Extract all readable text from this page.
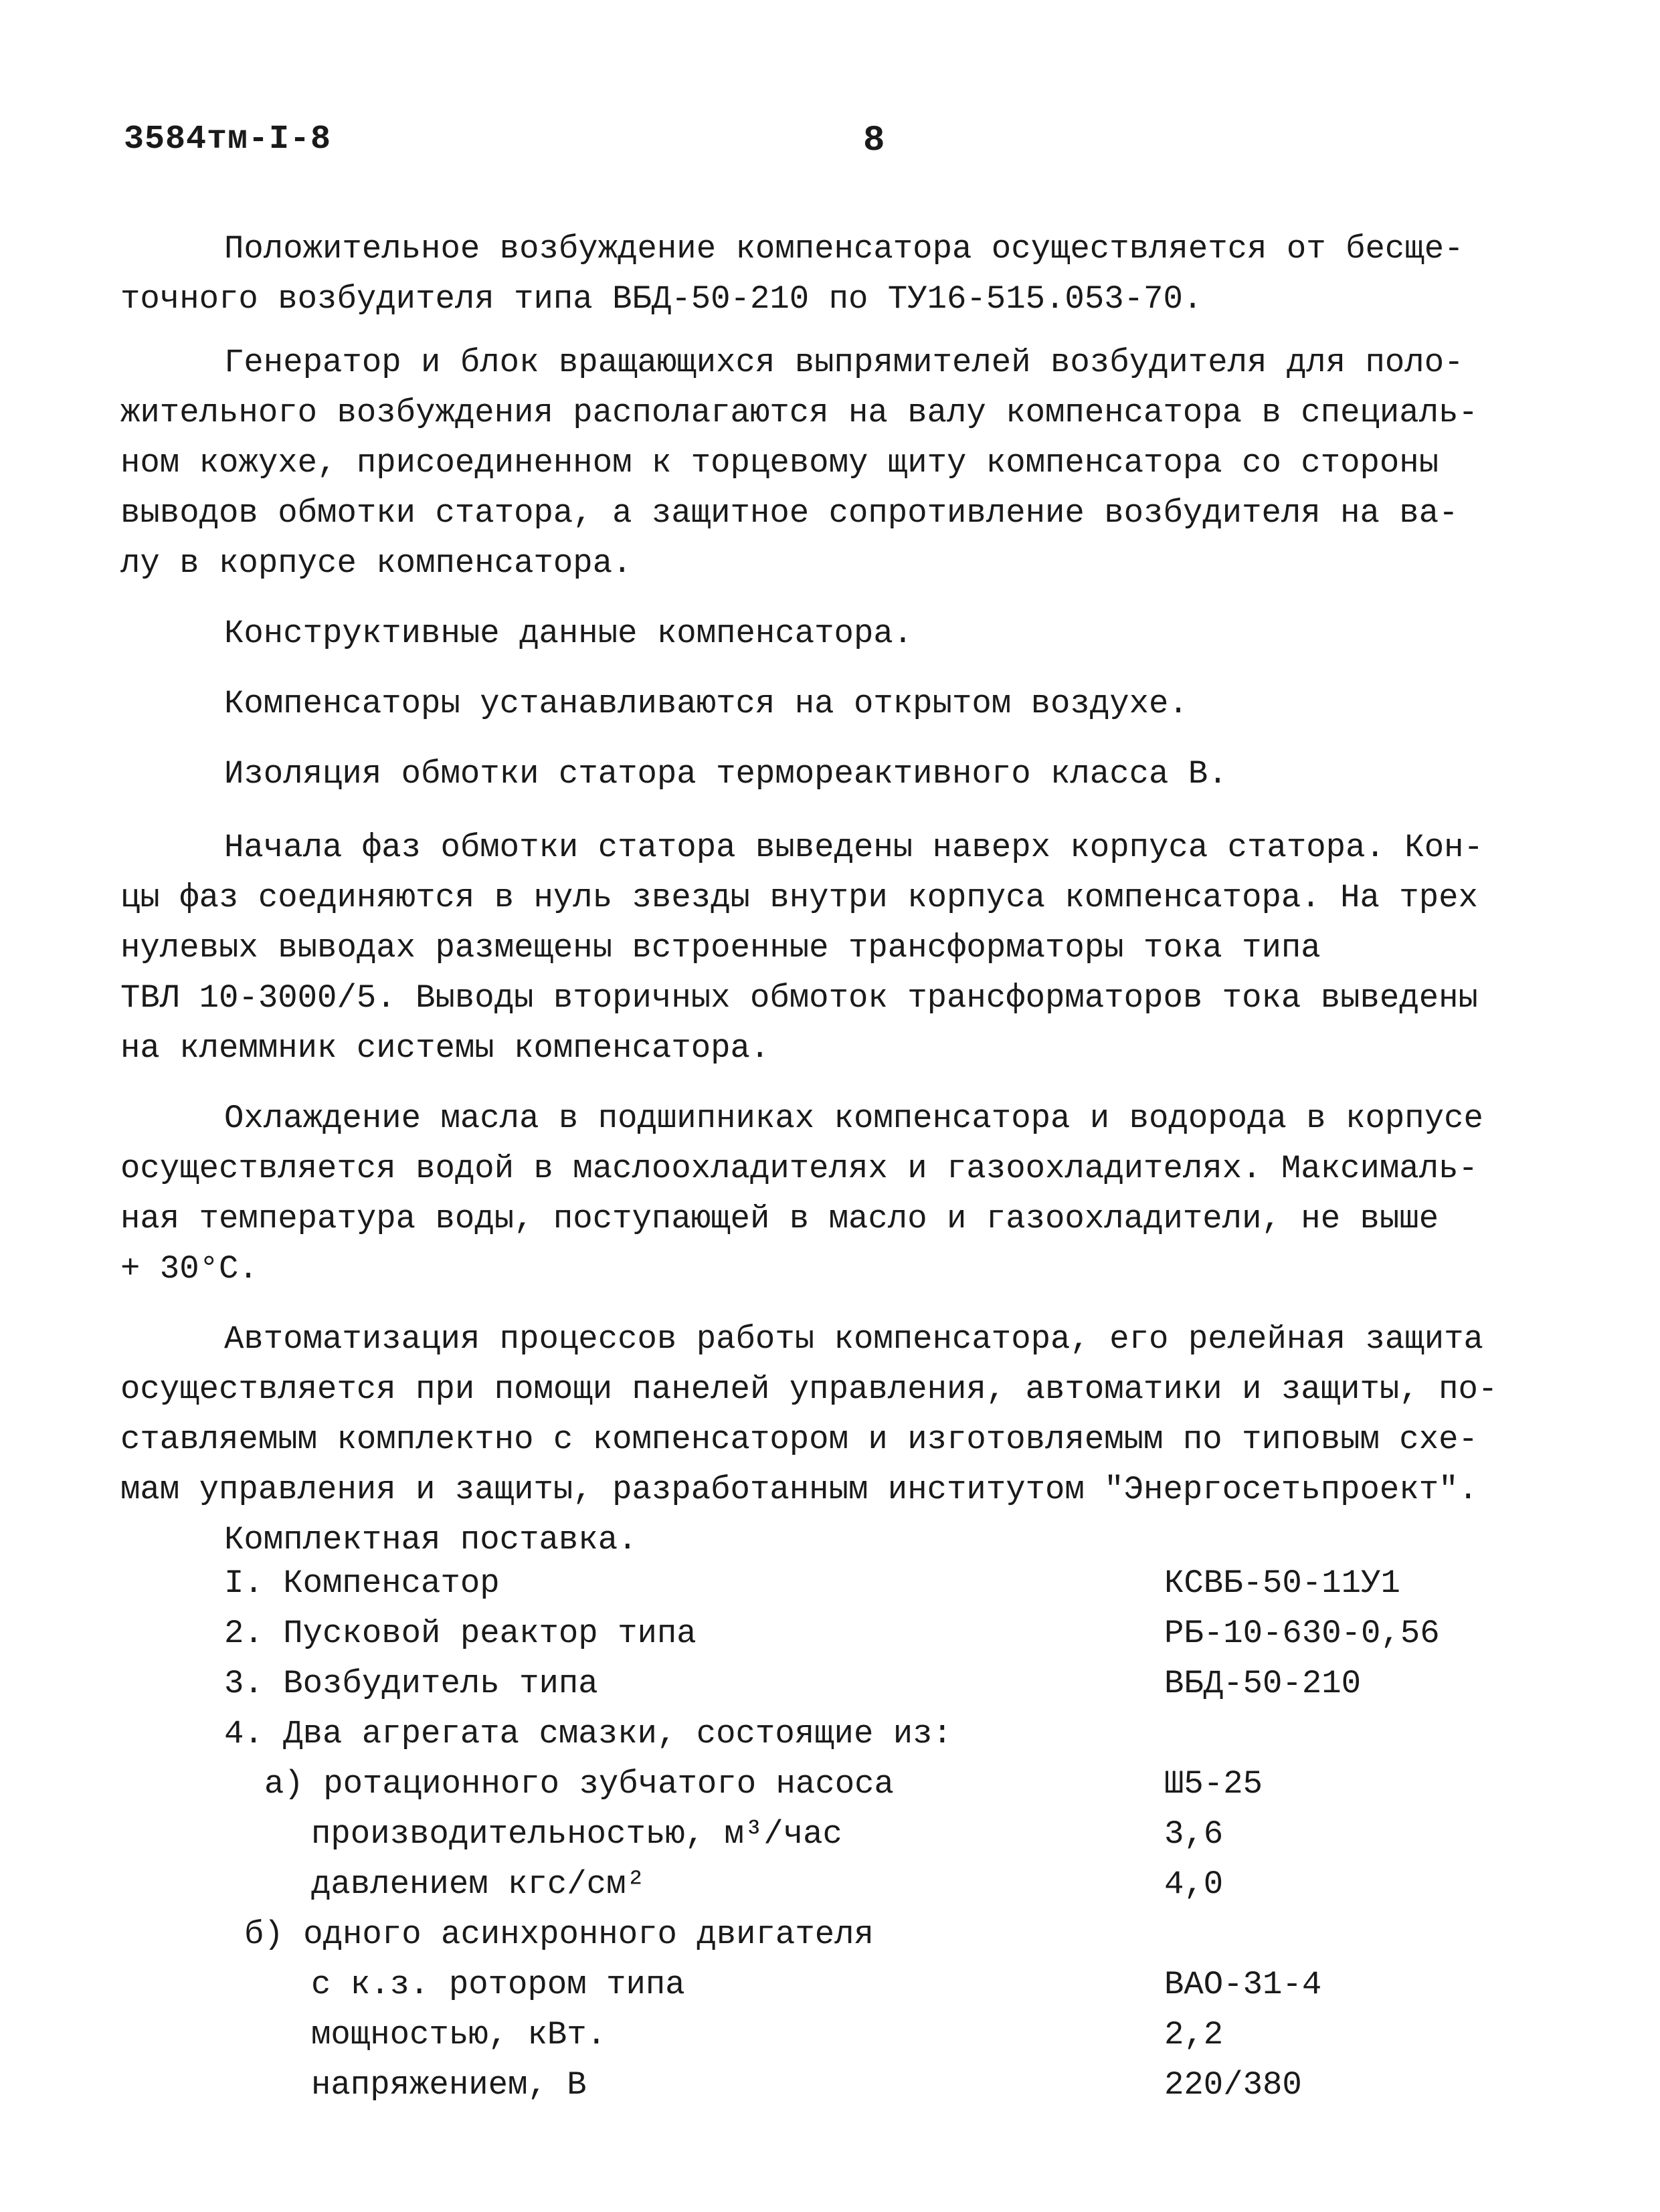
3584тм-I-8	8

Положительное возбуждение компенсатора осуществляется от бесще-
точного возбудителя типа ВБД-50-210 по ТУ16-515.053-70.

Генератор и блок вращающихся выпрямителей возбудителя для поло-
жительного возбуждения располагаются на валу компенсатора в специаль-
ном кожухе, присоединенном к торцевому щиту компенсатора со стороны
выводов обмотки статора, а защитное сопротивление возбудителя на ва-
лу в корпусе компенсатора.

Конструктивные данные компенсатора.

Компенсаторы устанавливаются на открытом воздухе.

Изоляция обмотки статора термореактивного класса В.

Начала фаз обмотки статора выведены наверх корпуса статора. Кон-
цы фаз соединяются в нуль звезды внутри корпуса компенсатора. На трех
нулевых выводах размещены встроенные трансформаторы тока типа
ТВЛ 10-3000/5. Выводы вторичных обмоток трансформаторов тока выведены
на клеммник системы компенсатора.

Охлаждение масла в подшипниках компенсатора и водорода в корпусе
осуществляется водой в маслоохладителях и газоохладителях. Максималь-
ная температура воды, поступающей в масло и газоохладители, не выше
+ 30°С.

Автоматизация процессов работы компенсатора, его релейная защита
осуществляется при помощи панелей управления, автоматики и защиты, по-
ставляемым комплектно с компенсатором и изготовляемым по типовым схе-
мам управления и защиты, разработанным институтом "Энергосетьпроект".
Комплектная поставка.

I. Компенсатор	КСВБ-50-11У1
2. Пусковой реактор типа	РБ-10-630-0,56
3. Возбудитель типа	ВБД-50-210
4. Два агрегата смазки, состоящие из:
а) ротационного зубчатого насоса	Ш5-25
производительностью, м³/час	3,6
давлением кгс/см²	4,0
б) одного асинхронного двигателя
с к.з. ротором типа	ВАО-31-4
мощностью, кВт.	2,2
напряжением, В	220/380
